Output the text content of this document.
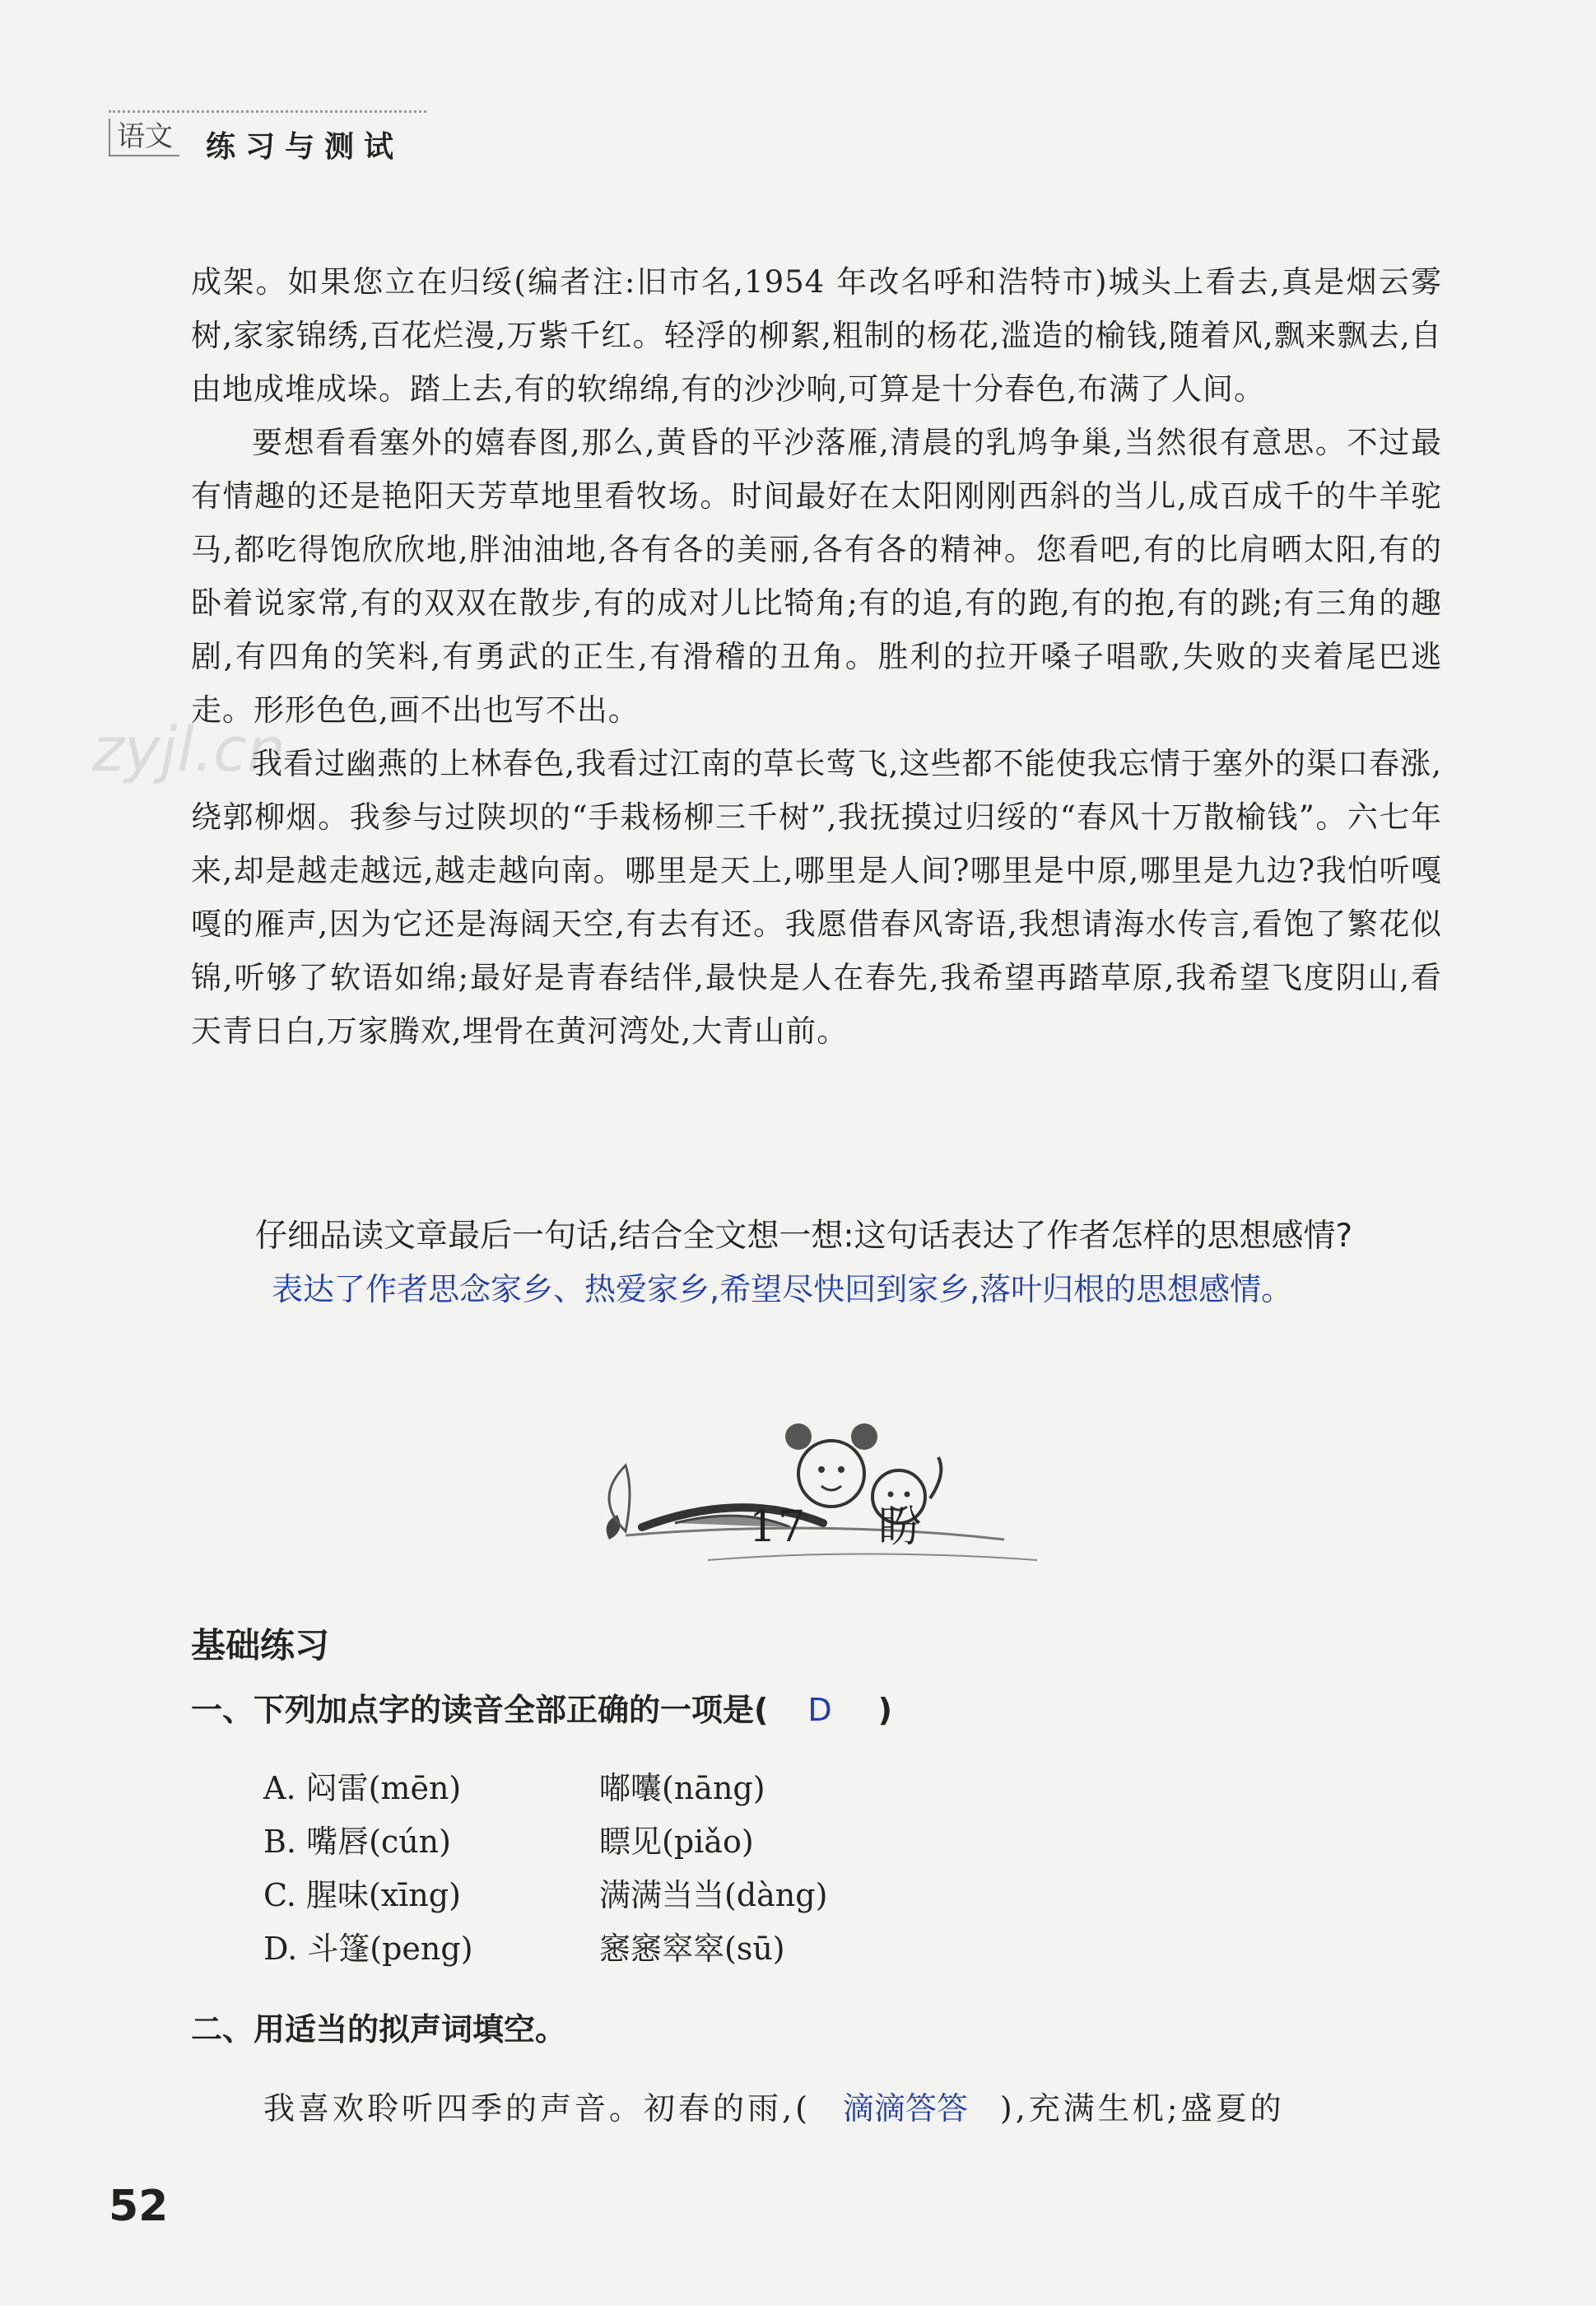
语文 练习与测试
zyjl.cn

成架。如果您立在归绥(编者注:旧市名,1954 年改名呼和浩特市)城头上看去,真是烟云雾树,家家锦绣,百花烂漫,万紫千红。轻浮的柳絮,粗制的杨花,滥造的榆钱,随着风,飘来飘去,自由地成堆成垛。踏上去,有的软绵绵,有的沙沙响,可算是十分春色,布满了人间。

要想看看塞外的嬉春图,那么,黄昏的平沙落雁,清晨的乳鸠争巢,当然很有意思。不过最有情趣的还是艳阳天芳草地里看牧场。时间最好在太阳刚刚西斜的当儿,成百成千的牛羊驼马,都吃得饱欣欣地,胖油油地,各有各的美丽,各有各的精神。您看吧,有的比肩晒太阳,有的卧着说家常,有的双双在散步,有的成对儿比犄角;有的追,有的跑,有的抱,有的跳;有三角的趣剧,有四角的笑料,有勇武的正生,有滑稽的丑角。胜利的拉开嗓子唱歌,失败的夹着尾巴逃走。形形色色,画不出也写不出。

我看过幽燕的上林春色,我看过江南的草长莺飞,这些都不能使我忘情于塞外的渠口春涨,绕郭柳烟。我参与过陕坝的“手栽杨柳三千树”,我抚摸过归绥的“春风十万散榆钱”。六七年来,却是越走越远,越走越向南。哪里是天上,哪里是人间?哪里是中原,哪里是九边?我怕听嘎嘎的雁声,因为它还是海阔天空,有去有还。我愿借春风寄语,我想请海水传言,看饱了繁花似锦,听够了软语如绵;最好是青春结伴,最快是人在春先,我希望再踏草原,我希望飞度阴山,看天青日白,万家腾欢,埋骨在黄河湾处,大青山前。

仔细品读文章最后一句话,结合全文想一想:这句话表达了作者怎样的思想感情?

表达了作者思念家乡、热爱家乡,希望尽快回到家乡,落叶归根的思想感情。

17 盼
基础练习
一、下列加点字的读音全部正确的一项是( D )
A. 闷雷(mēn)	嘟囔(nāng)
B. 嘴唇(cún)	瞟见(piǎo)
C. 腥味(xīng)	满满当当(dàng)
D. 斗篷(peng)	窸窸窣窣(sū)
二、用适当的拟声词填空。
我喜欢聆听四季的声音。初春的雨,( 滴滴答答 ),充满生机;盛夏的
52
